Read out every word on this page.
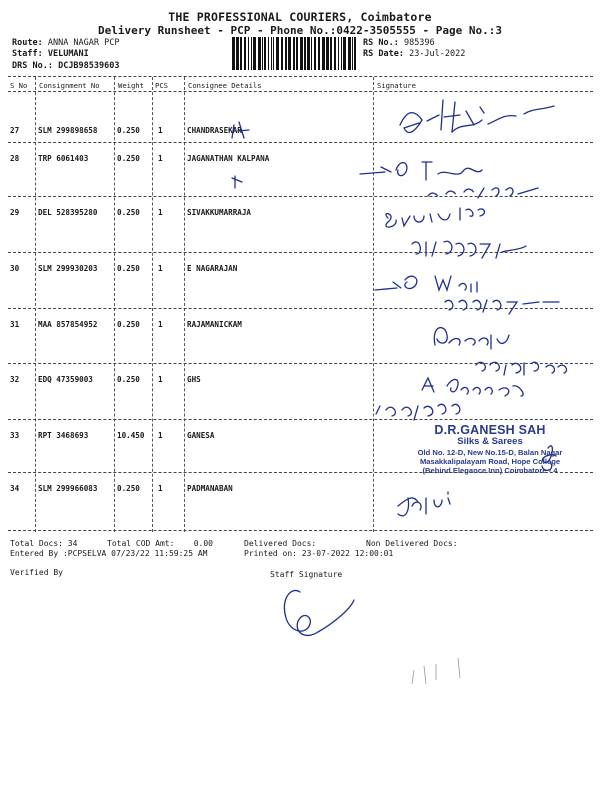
THE PROFESSIONAL COURIERS, Coimbatore
Delivery Runsheet - PCP - Phone No.:0422-3505555 - Page No.:3
Route: ANNA NAGAR PCP
Staff: VELUMANI
DRS No.: DCJB98539603
RS No.: 985396
RS Date: 23-Jul-2022
S No Consignment No	Weight PCS	Consignee Details	Signature
27 SLM 299898658	0.250 1	CHANDRASEKAR
28 TRP 6061403	0.250 1	JAGANATHAN KALPANA
29 DEL 528395280	0.250 1	SIVAKKUMARRAJA
30 SLM 299930203	0.250 1	E NAGARAJAN
31 MAA 857854952	0.250 1	RAJAMANICKAM
32 EDQ 47359003	0.250 1	GHS
33 RPT 3468693	10.450 1	GANESA
34 SLM 299966083	0.250 1	PADMANABAN
D.R.GANESH SAH
Silks & Sarees
Old No. 12-D, New No.15-D, Balan Nagar
Masakkalipalayam Road, Hope College
(Behind Elegance Inn) Coimbatore - 4
Total Docs: 34	Total COD Amt:    0.00	Delivered Docs:	Non Delivered Docs:
Entered By :PCPSELVA 07/23/22 11:59:25 AM	Printed on: 23-07-2022 12:00:01
Verified By	Staff Signature
